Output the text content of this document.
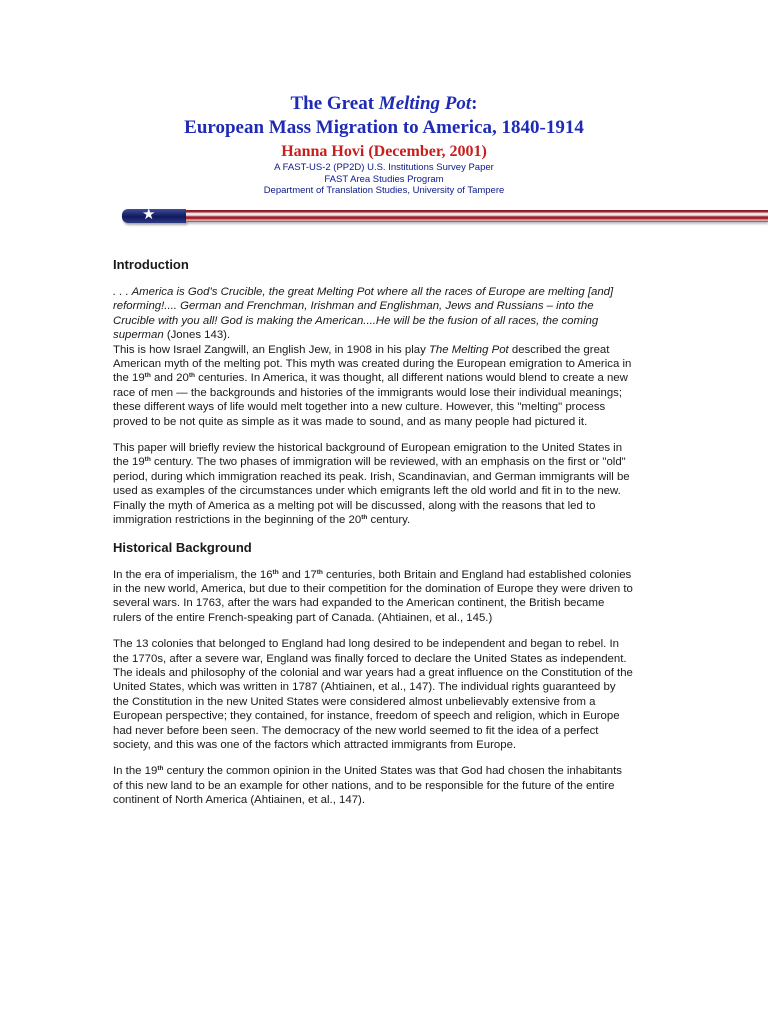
The Great Melting Pot:
European Mass Migration to America, 1840-1914
Hanna Hovi (December, 2001)
A FAST-US-2 (PP2D) U.S. Institutions Survey Paper
FAST Area Studies Program
Department of Translation Studies, University of Tampere
★
Introduction

. . . America is God’s Crucible, the great Melting Pot where all the races of Europe are melting [and] reforming!.... German and Frenchman, Irishman and Englishman, Jews and Russians – into the Crucible with you all! God is making the American....He will be the fusion of all races, the coming superman (Jones 143).

This is how Israel Zangwill, an English Jew, in 1908 in his play The Melting Pot described the great American myth of the melting pot. This myth was created during the European emigration to America in the 19th and 20th centuries. In America, it was thought, all different nations would blend to create a new race of men — the backgrounds and histories of the immigrants would lose their individual meanings; these different ways of life would melt together into a new culture. However, this "melting" process proved to be not quite as simple as it was made to sound, and as many people had pictured it.

This paper will briefly review the historical background of European emigration to the United States in the 19th century. The two phases of immigration will be reviewed, with an emphasis on the first or "old" period, during which immigration reached its peak. Irish, Scandinavian, and German immigrants will be used as examples of the circumstances under which emigrants left the old world and fit in to the new. Finally the myth of America as a melting pot will be discussed, along with the reasons that led to immigration restrictions in the beginning of the 20th century.

Historical Background

In the era of imperialism, the 16th and 17th centuries, both Britain and England had established colonies in the new world, America, but due to their competition for the domination of Europe they were driven to several wars. In 1763, after the wars had expanded to the American continent, the British became rulers of the entire French-speaking part of Canada. (Ahtiainen, et al., 145.)

The 13 colonies that belonged to England had long desired to be independent and began to rebel. In the 1770s, after a severe war, England was finally forced to declare the United States as independent. The ideals and philosophy of the colonial and war years had a great influence on the Constitution of the United States, which was written in 1787 (Ahtiainen, et al., 147). The individual rights guaranteed by the Constitution in the new United States were considered almost unbelievably extensive from a European perspective; they contained, for instance, freedom of speech and religion, which in Europe had never before been seen. The democracy of the new world seemed to fit the idea of a perfect society, and this was one of the factors which attracted immigrants from Europe.

In the 19th century the common opinion in the United States was that God had chosen the inhabitants of this new land to be an example for other nations, and to be responsible for the future of the entire continent of North America (Ahtiainen, et al., 147).
